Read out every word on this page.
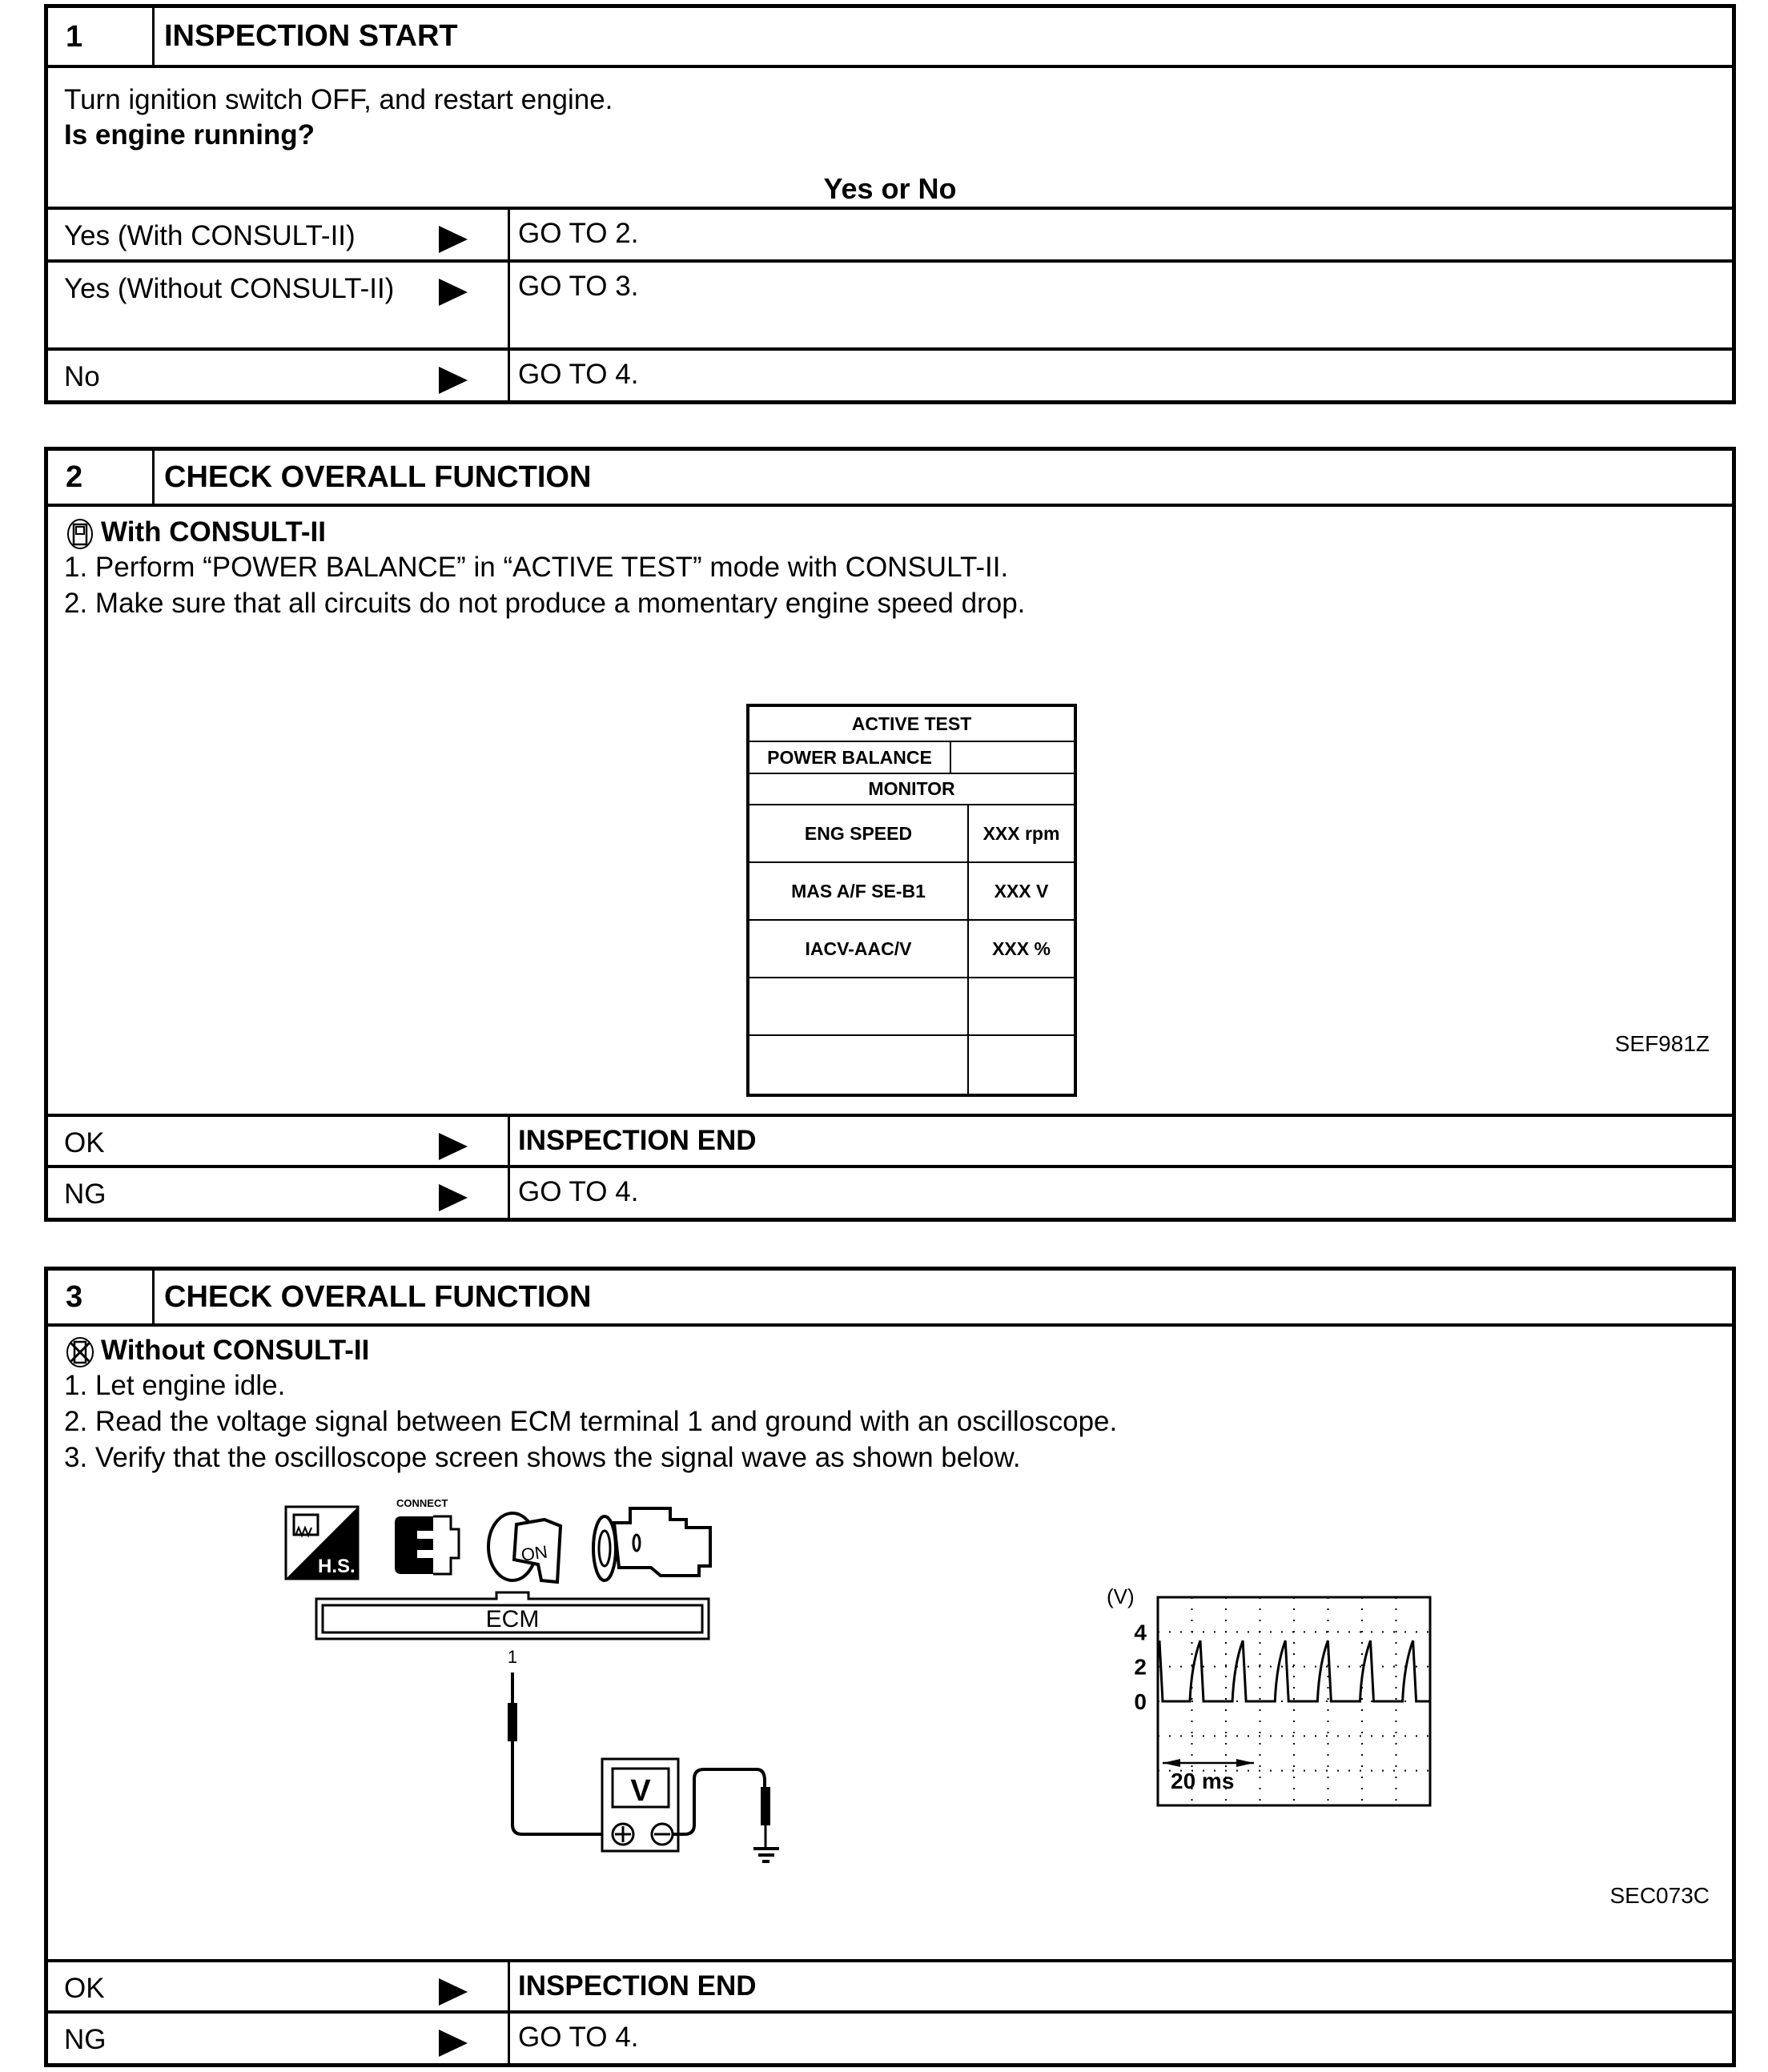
1	INSPECTION START
Turn ignition switch OFF, and restart engine.
Is engine running?
Yes or No
Yes (With CONSULT-II)	GO TO 2.
Yes (Without CONSULT-II)	GO TO 3.
No	GO TO 4.
2	CHECK OVERALL FUNCTION
With CONSULT-II
1. Perform “POWER BALANCE” in “ACTIVE TEST” mode with CONSULT-II.
2. Make sure that all circuits do not produce a momentary engine speed drop.
ACTIVE TEST
POWER BALANCE
MONITOR
ENG SPEED	XXX rpm
MAS A/F SE-B1	XXX V
IACV-AAC/V	XXX %
SEF981Z
OK	INSPECTION END
NG	GO TO 4.
3	CHECK OVERALL FUNCTION
Without CONSULT-II
1. Let engine idle.
2. Read the voltage signal between ECM terminal 1 and ground with an oscilloscope.
3. Verify that the oscilloscope screen shows the signal wave as shown below.
H.S.
CONNECT
ON
ECM
1
V
(V)
0
2
4
20 ms
SEC073C
OK	INSPECTION END
NG	GO TO 4.
